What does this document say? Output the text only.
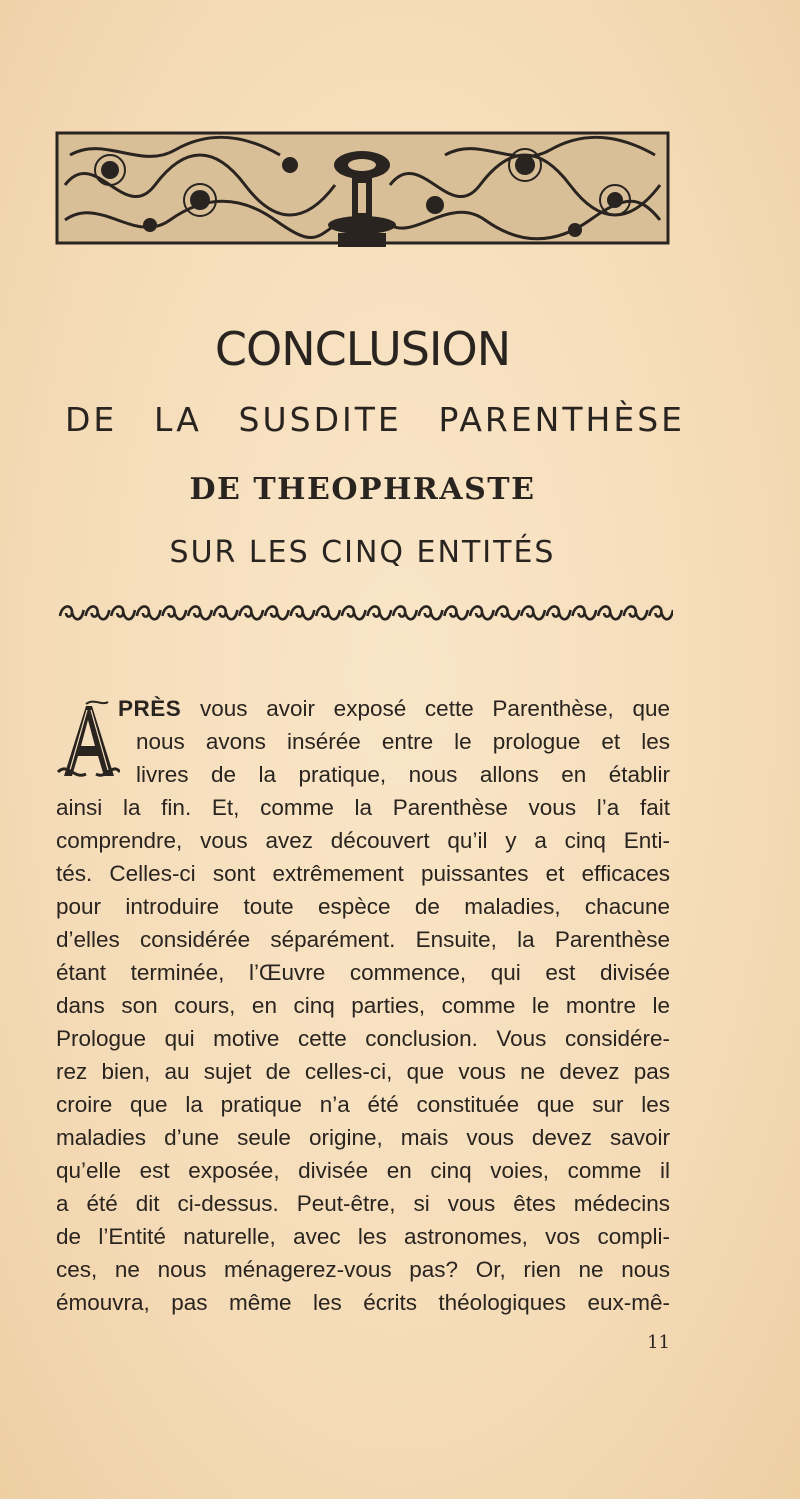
CONCLUSION
DE LA SUSDITE PARENTHÈSE
DE THEOPHRASTE
SUR LES CINQ ENTITÉS
PRÈS vous avoir exposé cette Parenthèse, que
nous avons insérée entre le prologue et les
livres de la pratique, nous allons en établir
ainsi la fin. Et, comme la Parenthèse vous l’a fait
comprendre, vous avez découvert qu’il y a cinq Enti-
tés. Celles-ci sont extrêmement puissantes et efficaces
pour introduire toute espèce de maladies, chacune
d’elles considérée séparément. Ensuite, la Parenthèse
étant terminée, l’Œuvre commence, qui est divisée
dans son cours, en cinq parties, comme le montre le
Prologue qui motive cette conclusion. Vous considére-
rez bien, au sujet de celles-ci, que vous ne devez pas
croire que la pratique n’a été constituée que sur les
maladies d’une seule origine, mais vous devez savoir
qu’elle est exposée, divisée en cinq voies, comme il
a été dit ci-dessus. Peut-être, si vous êtes médecins
de l’Entité naturelle, avec les astronomes, vos compli-
ces, ne nous ménagerez-vous pas? Or, rien ne nous
émouvra, pas même les écrits théologiques eux-mê-
11
